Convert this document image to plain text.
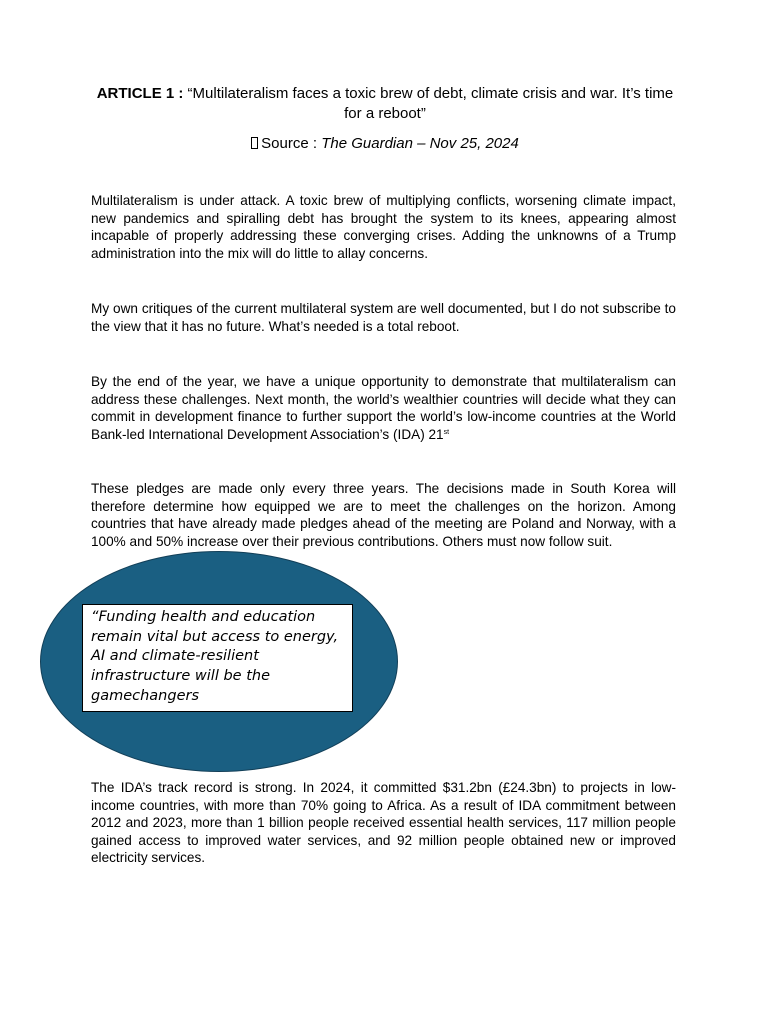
ARTICLE 1 : “Multilateralism faces a toxic brew of debt, climate crisis and war. It’s time for a reboot”
Source : The Guardian – Nov 25, 2024
Multilateralism is under attack. A toxic brew of multiplying conflicts, worsening climate impact, new pandemics and spiralling debt has brought the system to its knees, appearing almost incapable of properly addressing these converging crises. Adding the unknowns of a Trump administration into the mix will do little to allay concerns.
My own critiques of the current multilateral system are well documented, but I do not subscribe to the view that it has no future. What’s needed is a total reboot.
By the end of the year, we have a unique opportunity to demonstrate that multilateralism can address these challenges. Next month, the world’s wealthier countries will decide what they can commit in development finance to further support the world’s low-income countries at the World Bank-led International Development Association’s (IDA) 21st
These pledges are made only every three years. The decisions made in South Korea will therefore determine how equipped we are to meet the challenges on the horizon. Among countries that have already made pledges ahead of the meeting are Poland and Norway, with a 100% and 50% increase over their previous contributions. Others must now follow suit.
“Funding health and education remain vital but access to energy, AI and climate-resilient infrastructure will be the gamechangers
The IDA’s track record is strong. In 2024, it committed $31.2bn (£24.3bn) to projects in low-income countries, with more than 70% going to Africa. As a result of IDA commitment between 2012 and 2023, more than 1 billion people received essential health services, 117 million people gained access to improved water services, and 92 million people obtained new or improved electricity services.
